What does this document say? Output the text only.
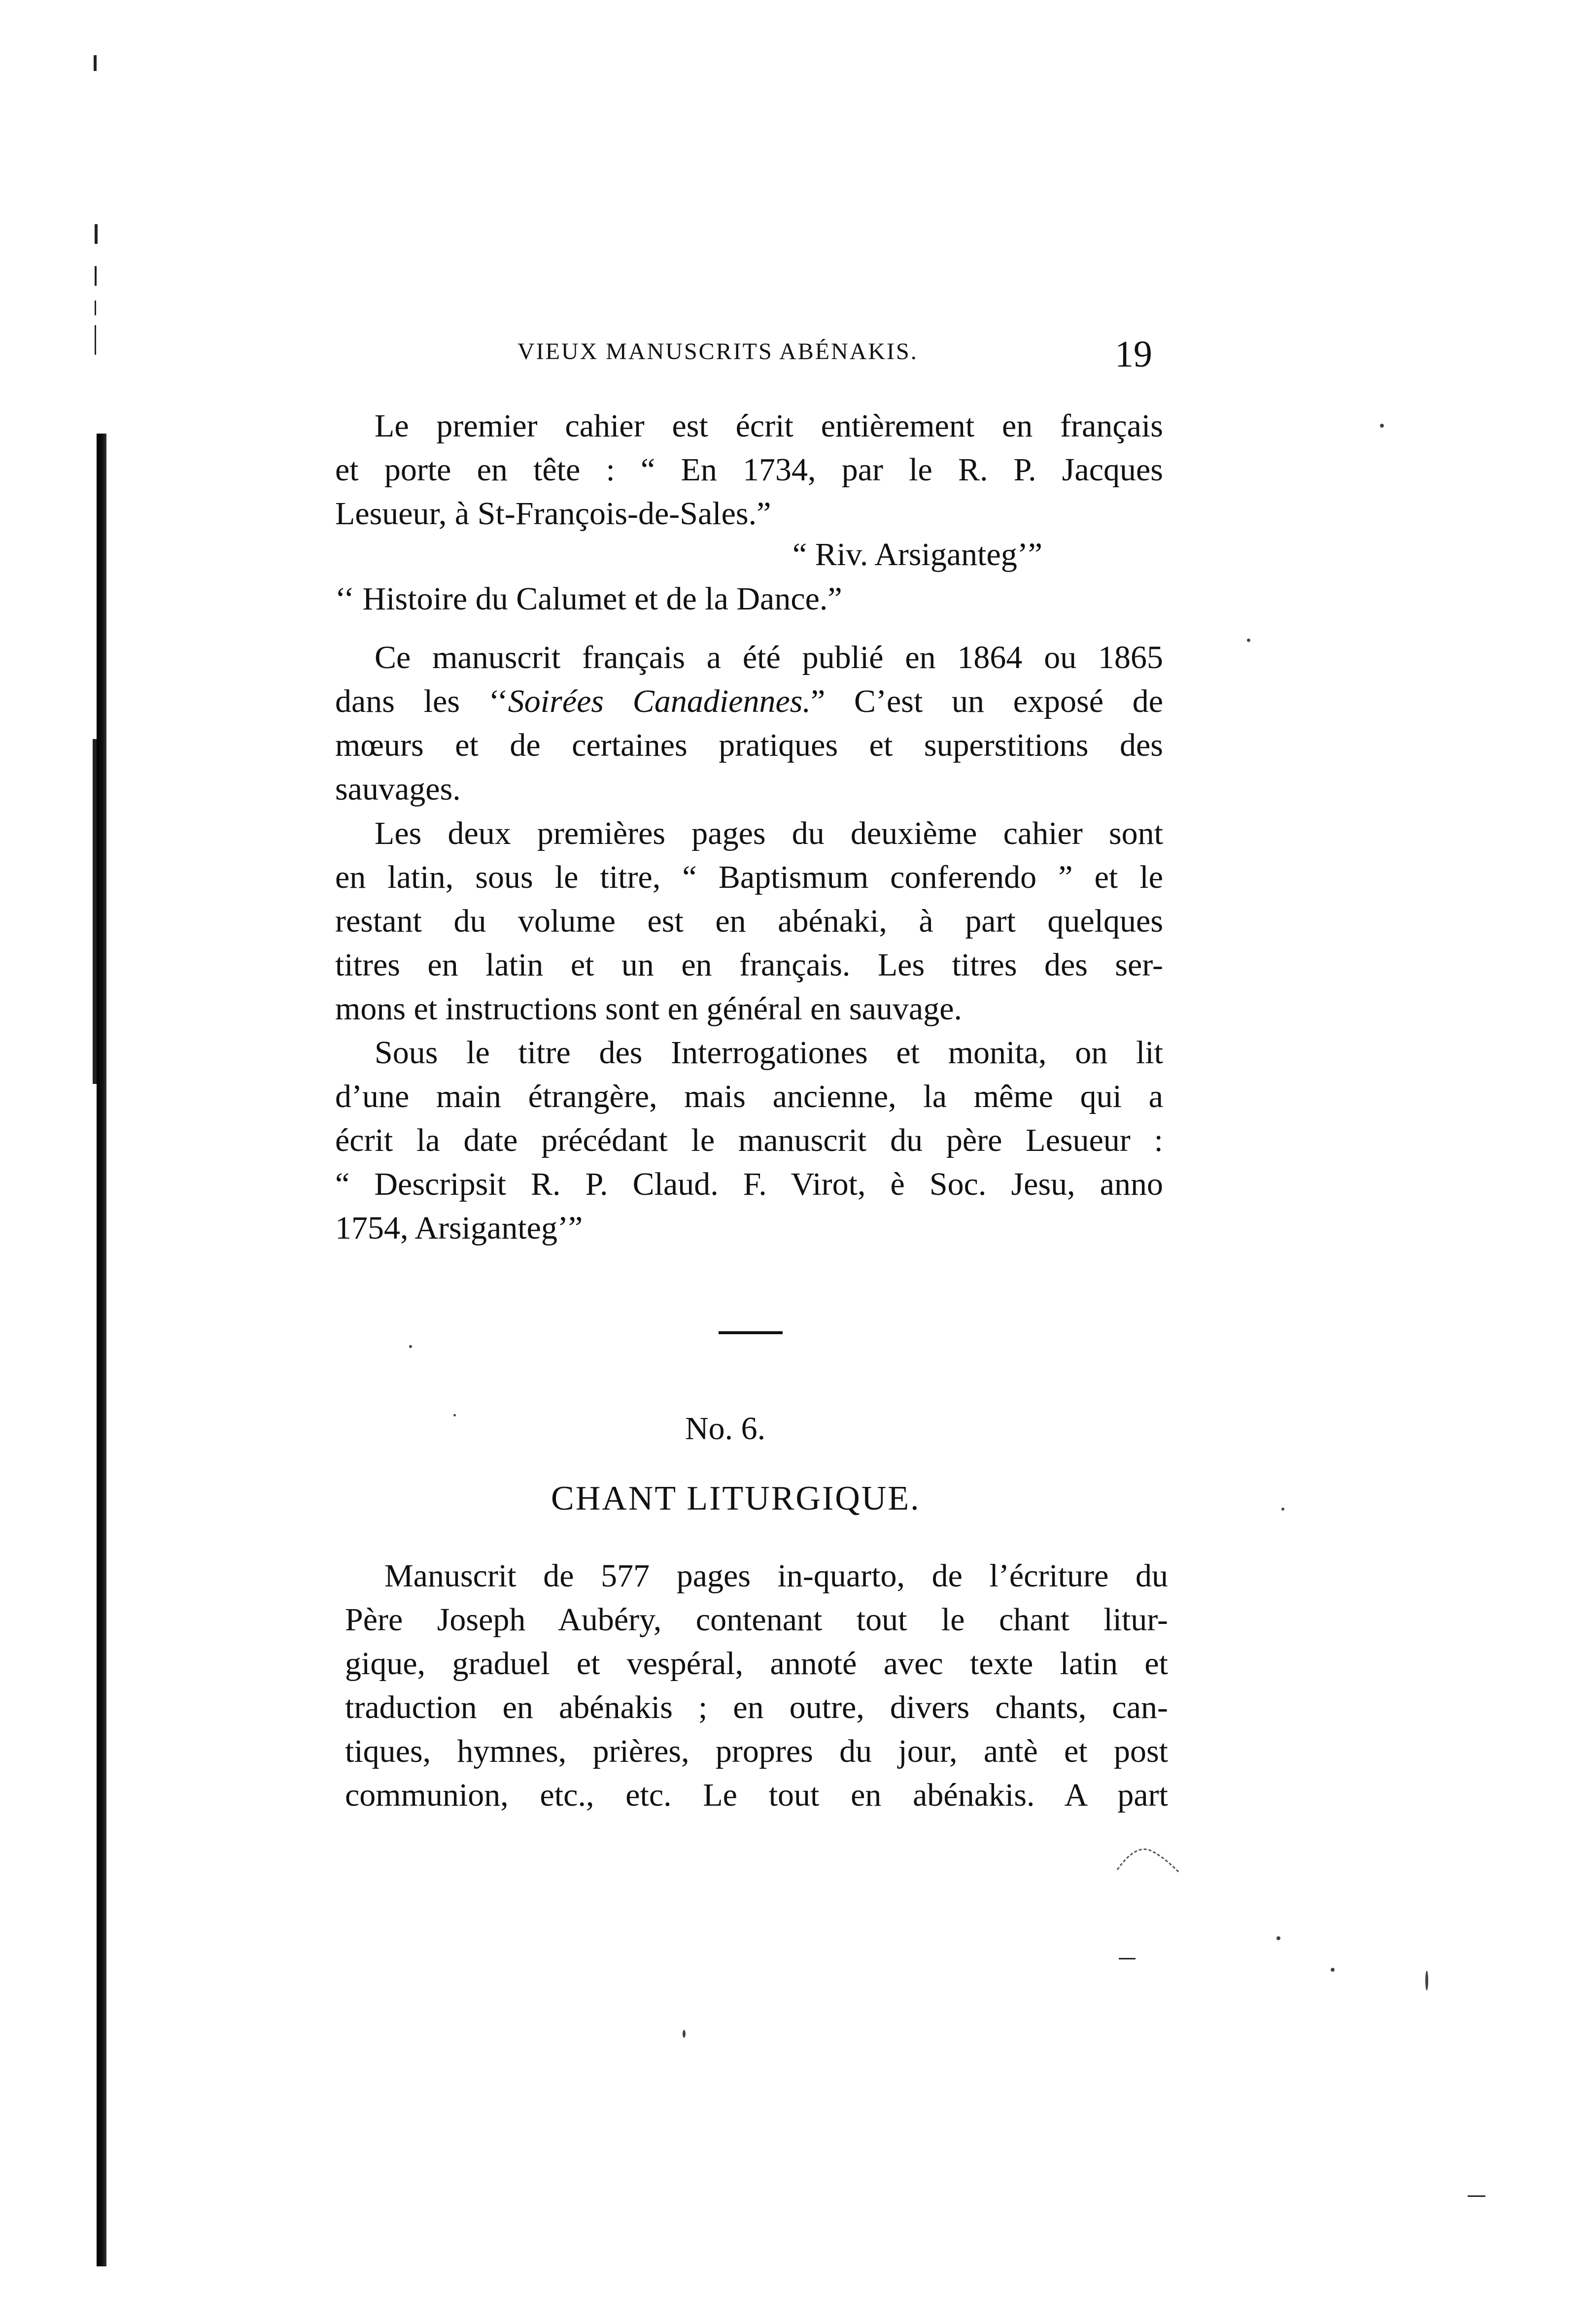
VIEUX MANUSCRITS ABÉNAKIS.	19
Le premier cahier est écrit entièrement en français
et porte en tête : “ En 1734, par le R. P. Jacques
Lesueur, à St-François-de-Sales.”
“ Riv. Arsiganteg’”
‘‘ Histoire du Calumet et de la Dance.”
Ce manuscrit français a été publié en 1864 ou 1865
dans les ‘‘Soirées Canadiennes.” C’est un exposé de
mœurs et de certaines pratiques et superstitions des
sauvages.
Les deux premières pages du deuxième cahier sont
en latin, sous le titre, “ Baptismum conferendo ” et le
restant du volume est en abénaki, à part quelques
titres en latin et un en français. Les titres des ser-
mons et instructions sont en général en sauvage.
Sous le titre des Interrogationes et monita, on lit
d’une main étrangère, mais ancienne, la même qui a
écrit la date précédant le manuscrit du père Lesueur :
“ Descripsit R. P. Claud. F. Virot, è Soc. Jesu, anno
1754, Arsiganteg’”
No. 6.
CHANT LITURGIQUE.
Manuscrit de 577 pages in-quarto, de l’écriture du
Père Joseph Aubéry, contenant tout le chant litur-
gique, graduel et vespéral, annoté avec texte latin et
traduction en abénakis ; en outre, divers chants, can-
tiques, hymnes, prières, propres du jour, antè et post
communion, etc., etc. Le tout en abénakis. A part
